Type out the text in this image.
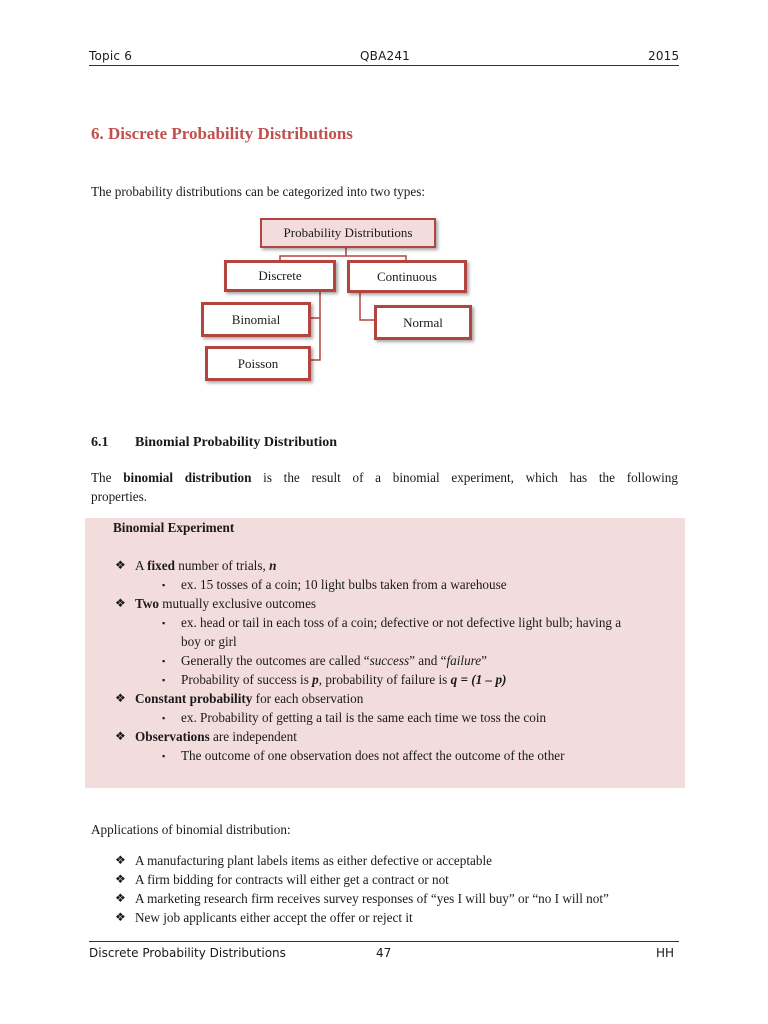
Topic 6	QBA241	2015
6. Discrete Probability Distributions
The probability distributions can be categorized into two types:
Probability Distributions
Discrete	Continuous
Binomial	Normal
Poisson
6.1 Binomial Probability Distribution
The binomial distribution is the result of a binomial experiment, which has the following
properties.
Binomial Experiment
❖ A fixed number of trials, n
▪ ex. 15 tosses of a coin; 10 light bulbs taken from a warehouse
❖ Two mutually exclusive outcomes
▪ ex. head or tail in each toss of a coin; defective or not defective light bulb; having a
boy or girl
▪ Generally the outcomes are called “success” and “failure”
▪ Probability of success is p, probability of failure is q = (1 – p)
❖ Constant probability for each observation
▪ ex. Probability of getting a tail is the same each time we toss the coin
❖ Observations are independent
▪ The outcome of one observation does not affect the outcome of the other
Applications of binomial distribution:
❖ A manufacturing plant labels items as either defective or acceptable
❖ A firm bidding for contracts will either get a contract or not
❖ A marketing research firm receives survey responses of “yes I will buy” or “no I will not”
❖ New job applicants either accept the offer or reject it
Discrete Probability Distributions	47	HH
